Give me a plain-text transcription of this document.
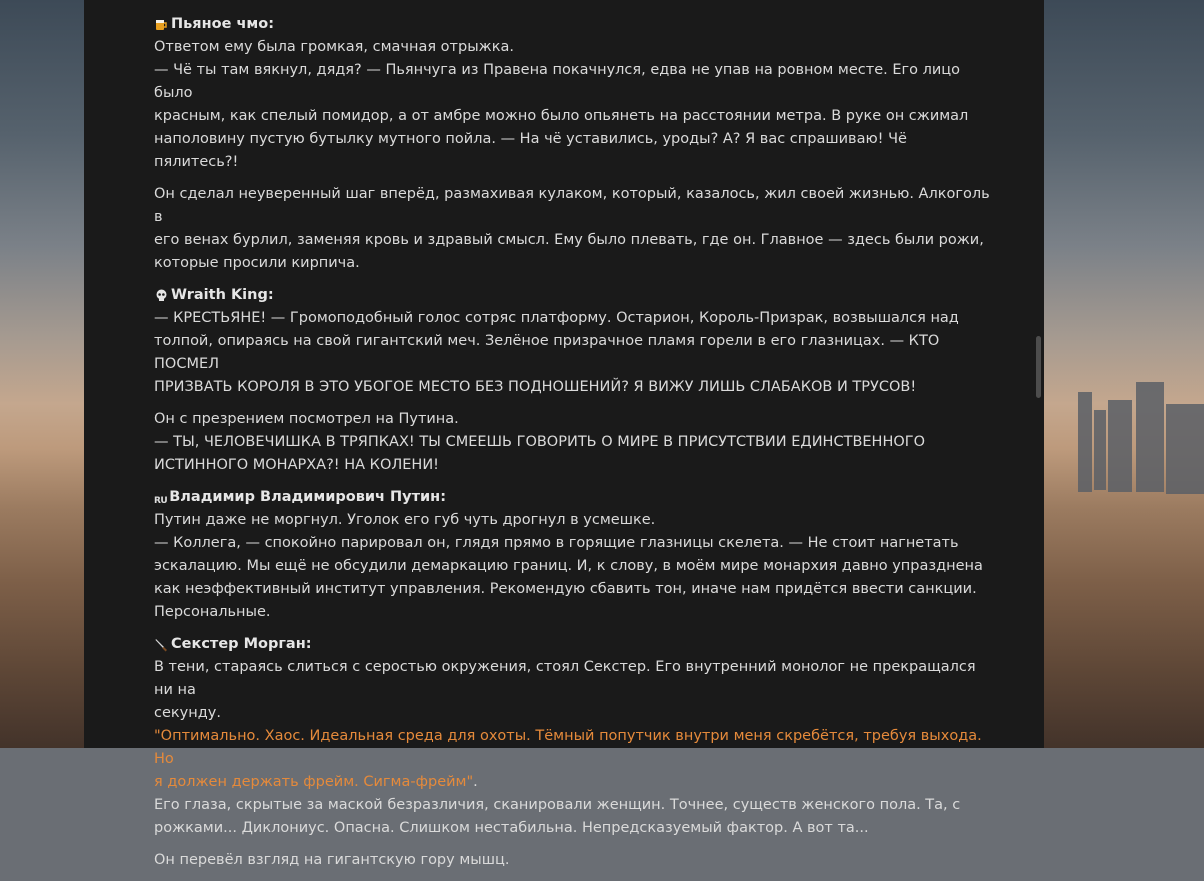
Пьяное чмо:

Ответом ему была громкая, смачная отрыжка.

— Чё ты там вякнул, дядя? — Пьянчуга из Правена покачнулся, едва не упав на ровном месте. Его лицо было

красным, как спелый помидор, а от амбре можно было опьянеть на расстоянии метра. В руке он сжимал

наполовину пустую бутылку мутного пойла. — На чё уставились, уроды? А? Я вас спрашиваю! Чё пялитесь?!

Он сделал неуверенный шаг вперёд, размахивая кулаком, который, казалось, жил своей жизнью. Алкоголь в

его венах бурлил, заменяя кровь и здравый смысл. Ему было плевать, где он. Главное — здесь были рожи,

которые просили кирпича.

Wraith King:

— КРЕСТЬЯНЕ! — Громоподобный голос сотряс платформу. Остарион, Король-Призрак, возвышался над

толпой, опираясь на свой гигантский меч. Зелёное призрачное пламя горели в его глазницах. — КТО ПОСМЕЛ

ПРИЗВАТЬ КОРОЛЯ В ЭТО УБОГОЕ МЕСТО БЕЗ ПОДНОШЕНИЙ? Я ВИЖУ ЛИШЬ СЛАБАКОВ И ТРУСОВ!

Он с презрением посмотрел на Путина.

— ТЫ, ЧЕЛОВЕЧИШКА В ТРЯПКАХ! ТЫ СМЕЕШЬ ГОВОРИТЬ О МИРЕ В ПРИСУТСТВИИ ЕДИНСТВЕННОГО

ИСТИННОГО МОНАРХА?! НА КОЛЕНИ!

RU Владимир Владимирович Путин:

Путин даже не моргнул. Уголок его губ чуть дрогнул в усмешке.

— Коллега, — спокойно парировал он, глядя прямо в горящие глазницы скелета. — Не стоит нагнетать

эскалацию. Мы ещё не обсудили демаркацию границ. И, к слову, в моём мире монархия давно упразднена

как неэффективный институт управления. Рекомендую сбавить тон, иначе нам придётся ввести санкции.

Персональные.

Секстер Морган:

В тени, стараясь слиться с серостью окружения, стоял Секстер. Его внутренний монолог не прекращался ни на

секунду.

"Оптимально. Хаос. Идеальная среда для охоты. Тёмный попутчик внутри меня скребётся, требуя выхода. Но

я должен держать фрейм. Сигма-фрейм".

Его глаза, скрытые за маской безразличия, сканировали женщин. Точнее, существ женского пола. Та, с

рожками... Диклониус. Опасна. Слишком нестабильна. Непредсказуемый фактор. А вот та...

Он перевёл взгляд на гигантскую гору мышц.
